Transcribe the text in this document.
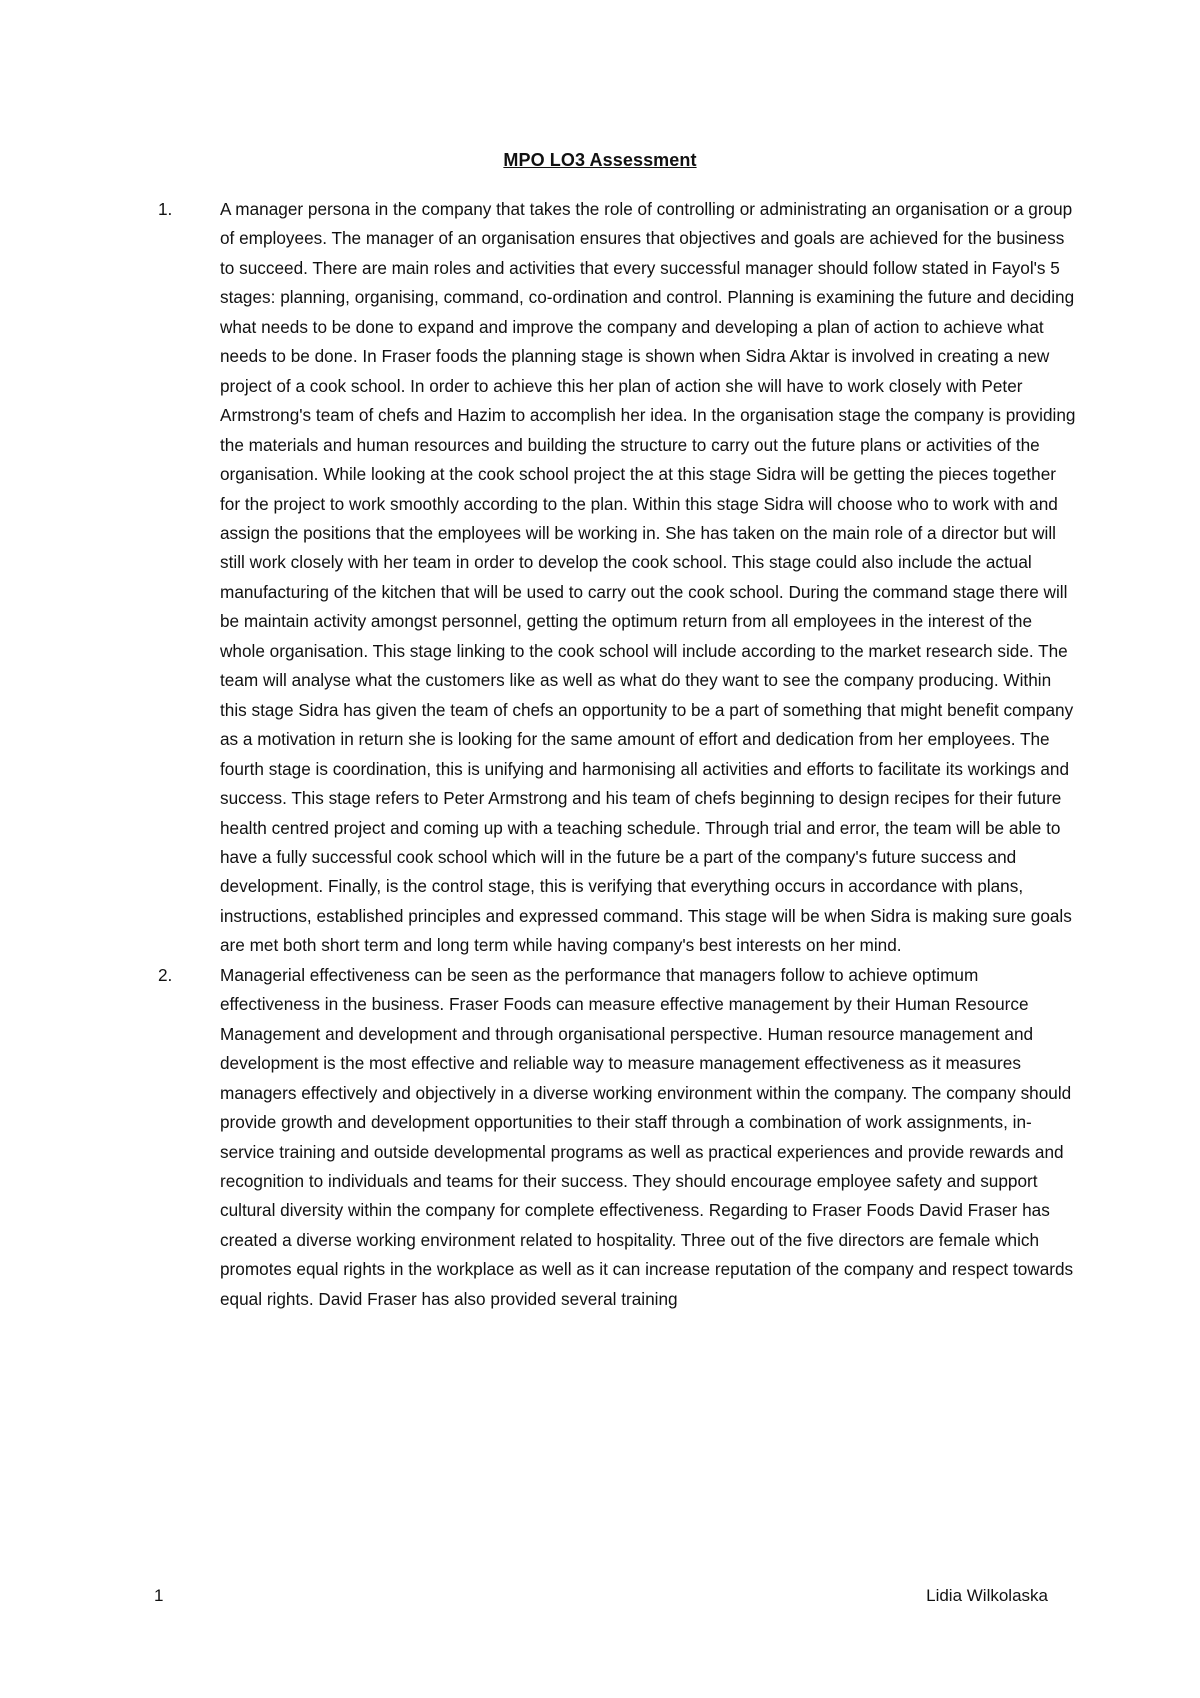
MPO LO3 Assessment
1.	A manager persona in the company that takes the role of controlling or administrating an organisation or a group of employees. The manager of an organisation ensures that objectives and goals are achieved for the business to succeed. There are main roles and activities that every successful manager should follow stated in Fayol's 5 stages: planning, organising, command, co-ordination and control. Planning is examining the future and deciding what needs to be done to expand and improve the company and developing a plan of action to achieve what needs to be done. In Fraser foods the planning stage is shown when Sidra Aktar is involved in creating a new project of a cook school. In order to achieve this her plan of action she will have to work closely with Peter Armstrong's team of chefs and Hazim to accomplish her idea. In the organisation stage the company is providing the materials and human resources and building the structure to carry out the future plans or activities of the organisation. While looking at the cook school project the at this stage Sidra will be getting the pieces together for the project to work smoothly according to the plan. Within this stage Sidra will choose who to work with and assign the positions that the employees will be working in. She has taken on the main role of a director but will still work closely with her team in order to develop the cook school. This stage could also include the actual manufacturing of the kitchen that will be used to carry out the cook school. During the command stage there will be maintain activity amongst personnel, getting the optimum return from all employees in the interest of the whole organisation. This stage linking to the cook school will include according to the market research side. The team will analyse what the customers like as well as what do they want to see the company producing. Within this stage Sidra has given the team of chefs an opportunity to be a part of something that might benefit company as a motivation in return she is looking for the same amount of effort and dedication from her employees. The fourth stage is coordination, this is unifying and harmonising all activities and efforts to facilitate its workings and success. This stage refers to Peter Armstrong and his team of chefs beginning to design recipes for their future health centred project and coming up with a teaching schedule. Through trial and error, the team will be able to have a fully successful cook school which will in the future be a part of the company's future success and development. Finally, is the control stage, this is verifying that everything occurs in accordance with plans, instructions, established principles and expressed command. This stage will be when Sidra is making sure goals are met both short term and long term while having company's best interests on her mind.
2.	Managerial effectiveness can be seen as the performance that managers follow to achieve optimum effectiveness in the business. Fraser Foods can measure effective management by their Human Resource Management and development and through organisational perspective. Human resource management and development is the most effective and reliable way to measure management effectiveness as it measures managers effectively and objectively in a diverse working environment within the company. The company should provide growth and development opportunities to their staff through a combination of work assignments, in- service training and outside developmental programs as well as practical experiences and provide rewards and recognition to individuals and teams for their success. They should encourage employee safety and support cultural diversity within the company for complete effectiveness. Regarding to Fraser Foods David Fraser has created a diverse working environment related to hospitality. Three out of the five directors are female which promotes equal rights in the workplace as well as it can increase reputation of the company and respect towards equal rights. David Fraser has also provided several training
1	Lidia Wilkolaska
